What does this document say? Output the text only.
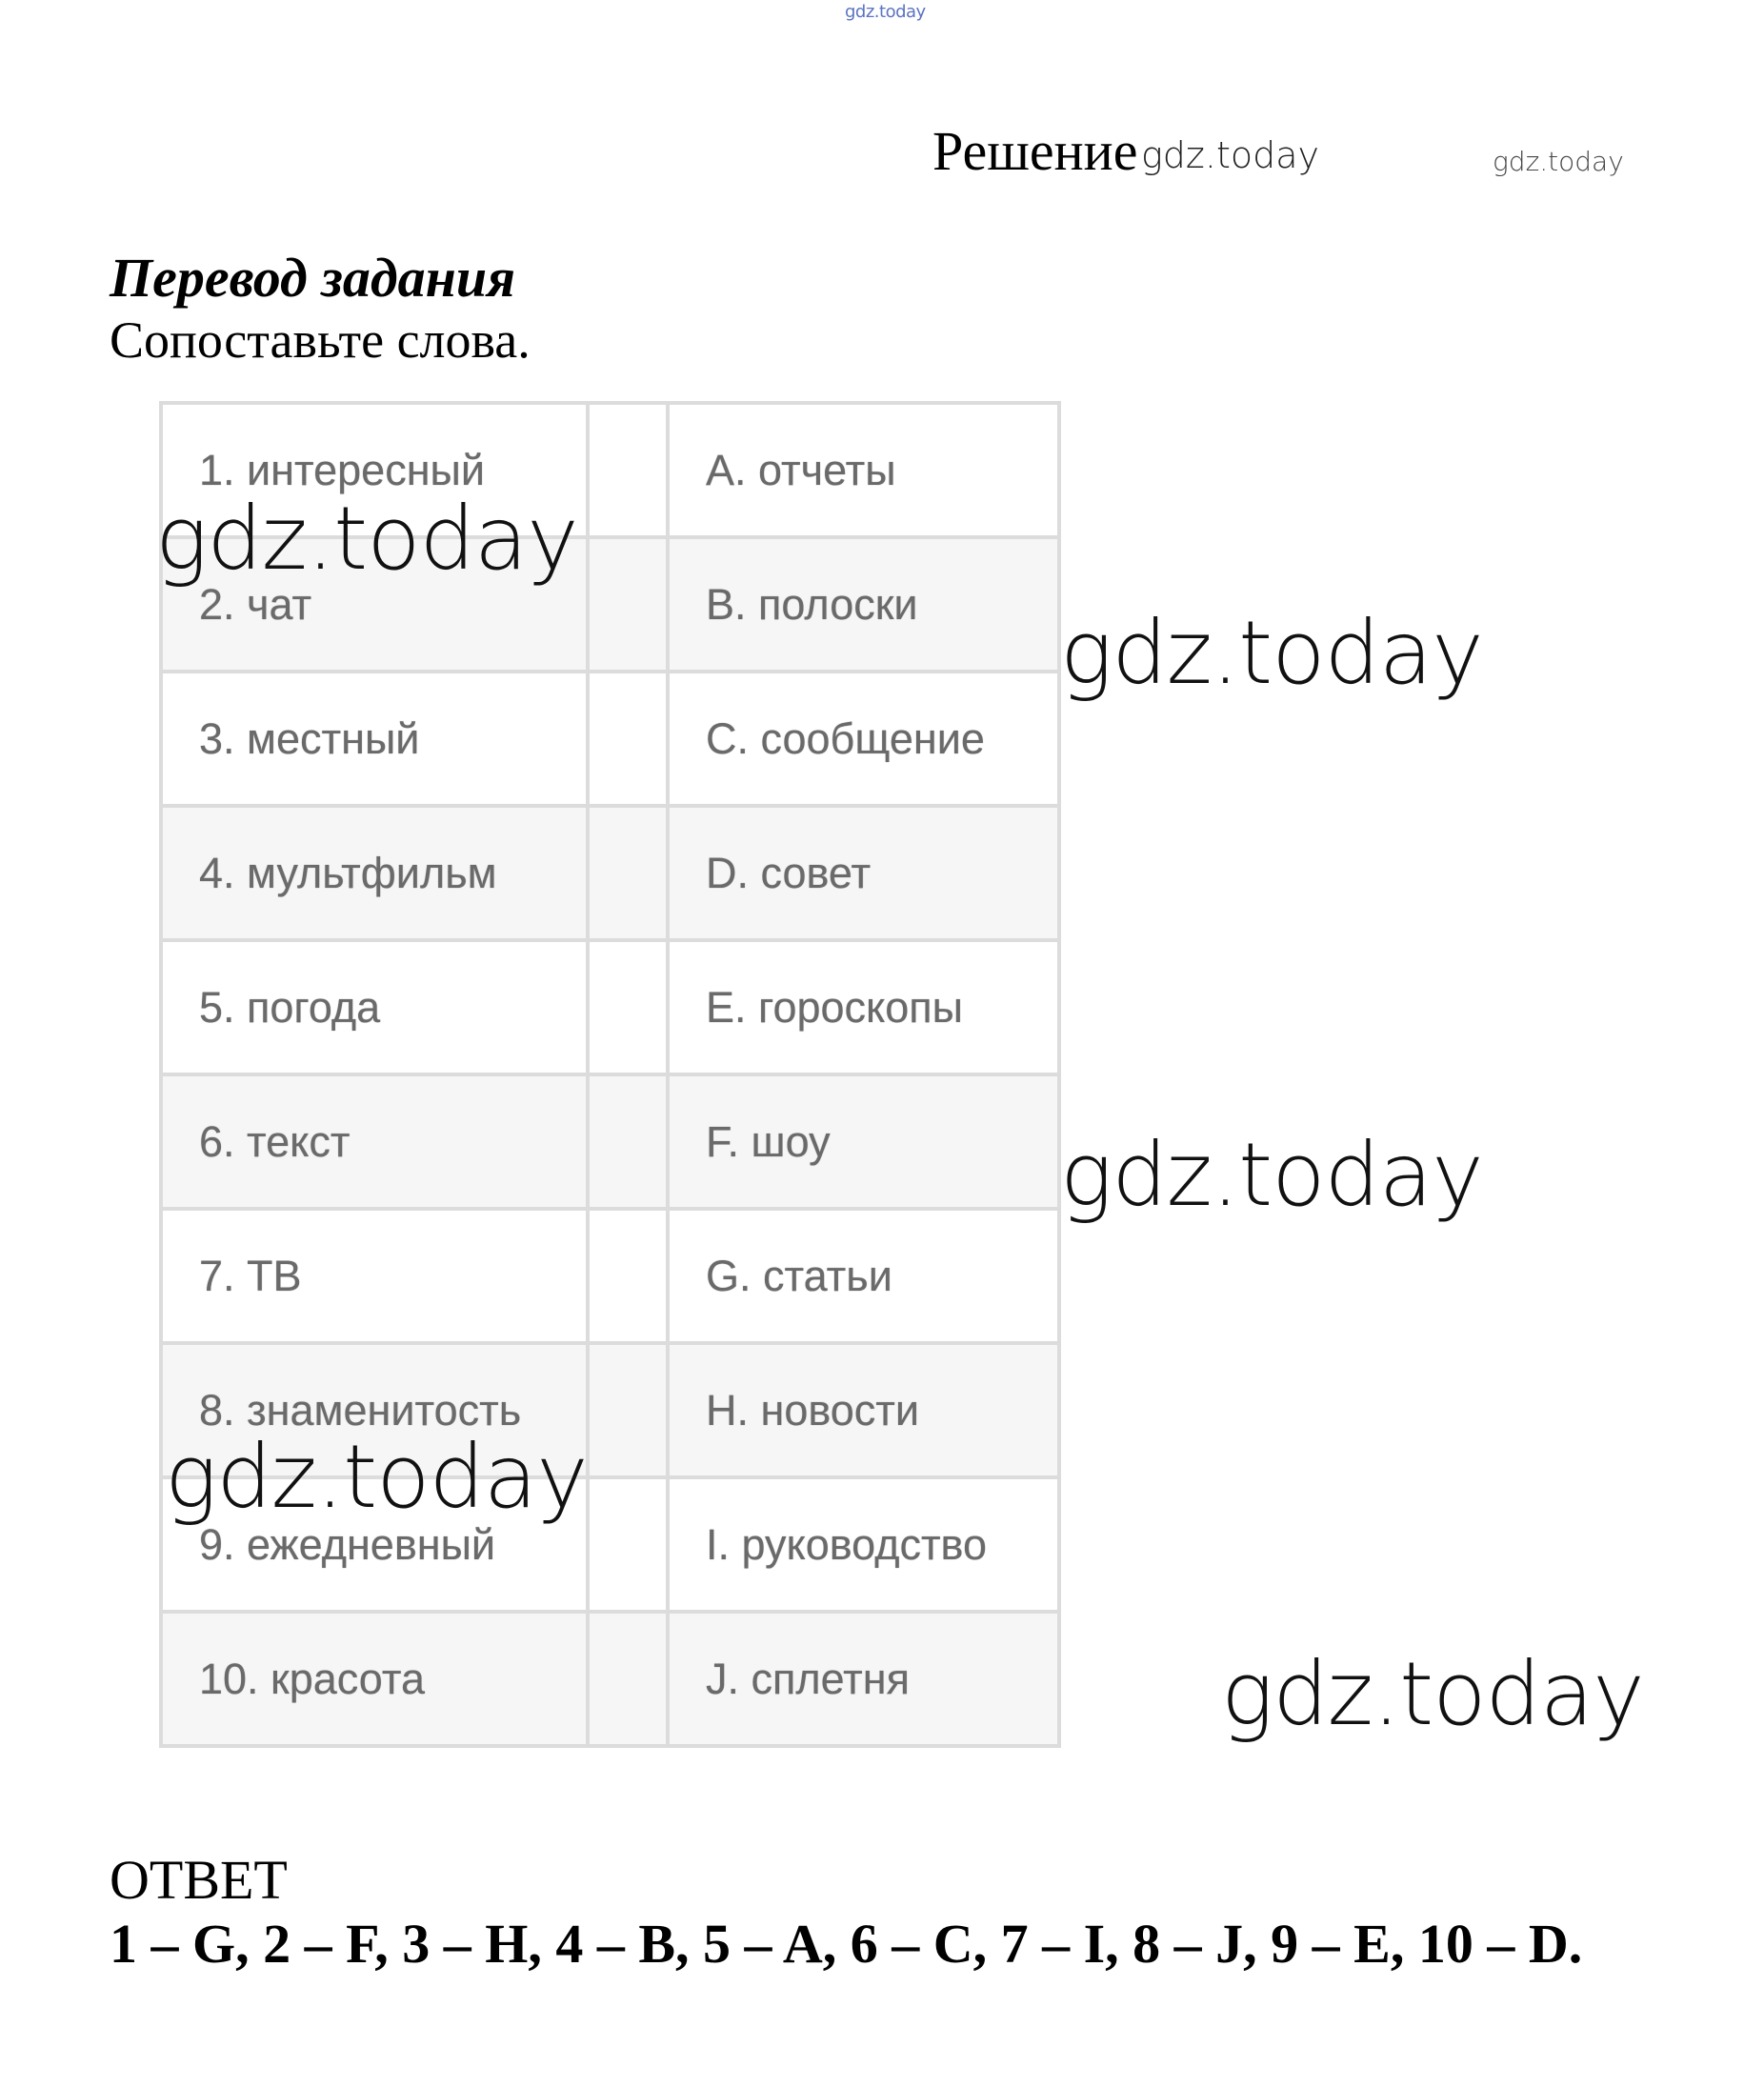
gdz.today
Решение gdz.today	gdz.today
Перевод задания
Сопоставьте слова.
1. интересный		A. отчеты
2. чат		B. полоски
3. местный		C. сообщение
4. мультфильм		D. совет
5. погода		E. гороскопы
6. текст		F. шоу
7. ТВ		G. статьи
8. знаменитость		H. новости
9. ежедневный		I. руководство
10. красота		J. сплетня
gdz.today
gdz.today
gdz.today
gdz.today
gdz.today
ОТВЕТ
1 – G, 2 – F, 3 – H, 4 – B, 5 – A, 6 – C, 7 – I, 8 – J, 9 – E, 10 – D.
